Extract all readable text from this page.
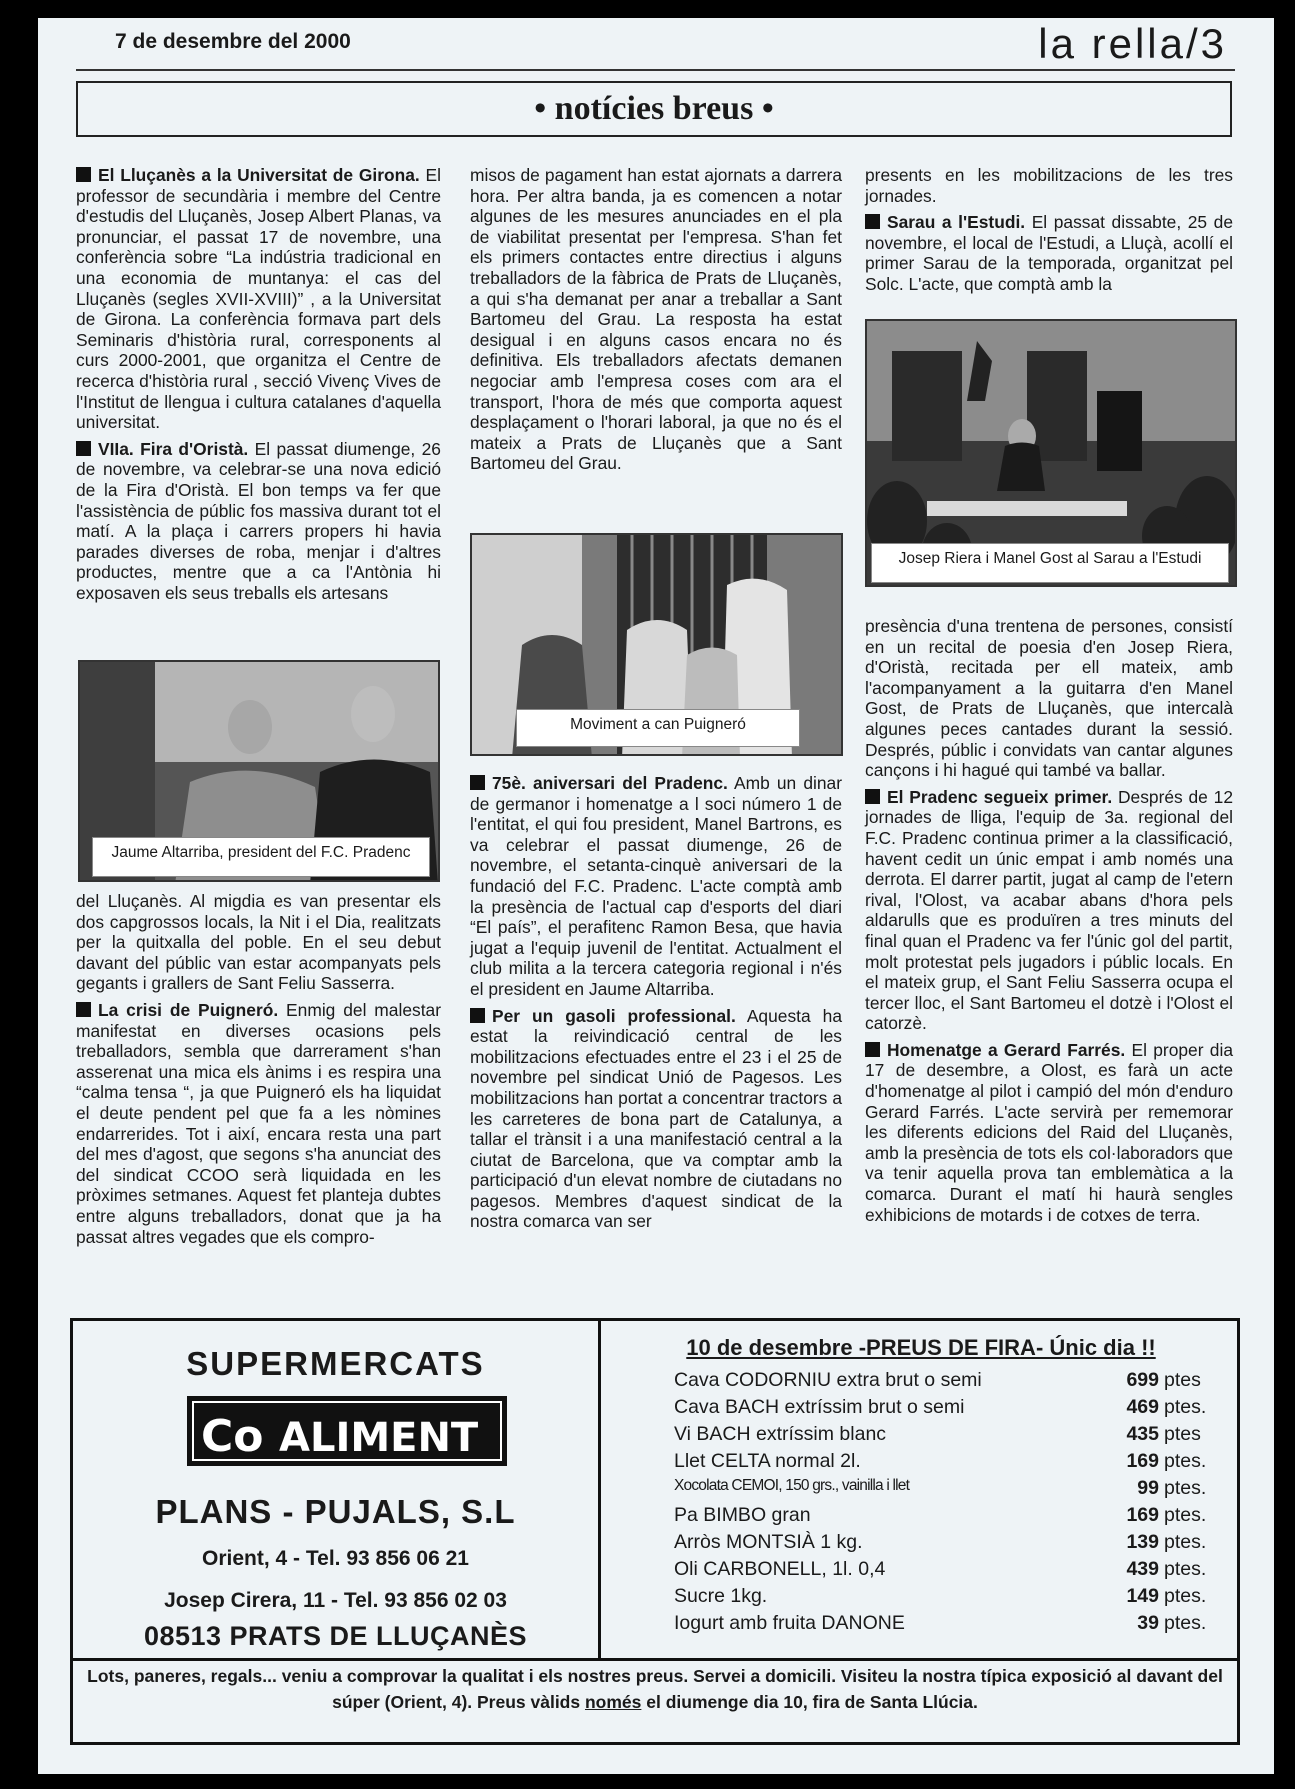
7 de desembre del 2000	la rella/3
• notícies breus •

El Lluçanès a la Universitat de Girona. El professor de secundària i membre del Centre d'estudis del Lluçanès, Josep Albert Planas, va pronunciar, el passat 17 de novembre, una conferència sobre “La indústria tradicional en una economia de muntanya: el cas del Lluçanès (segles XVII-XVIII)” , a la Universitat de Girona. La conferència formava part dels Seminaris d'història rural, corresponents al curs 2000-2001, que organitza el Centre de recerca d'història rural , secció Vivenç Vives de l'Institut de llengua i cultura catalanes d'aquella universitat.

VIIa. Fira d'Oristà. El passat diumenge, 26 de novembre, va celebrar-se una nova edició de la Fira d'Oristà. El bon temps va fer que l'assistència de públic fos massiva durant tot el matí. A la plaça i carrers propers hi havia parades diverses de roba, menjar i d'altres productes, mentre que a ca l'Antònia hi exposaven els seus treballs els artesans

Jaume Altarriba, president del F.C. Pradenc

del Lluçanès. Al migdia es van presentar els dos capgrossos locals, la Nit i el Dia, realitzats per la quitxalla del poble. En el seu debut davant del públic van estar acompanyats pels gegants i grallers de Sant Feliu Sasserra.

La crisi de Puigneró. Enmig del malestar manifestat en diverses ocasions pels treballadors, sembla que darrerament s'han asserenat una mica els ànims i es respira una “calma tensa “, ja que Puigneró els ha liquidat el deute pendent pel que fa a les nòmines endarrerides. Tot i així, encara resta una part del mes d'agost, que segons s'ha anunciat des del sindicat CCOO serà liquidada en les pròximes setmanes. Aquest fet planteja dubtes entre alguns treballadors, donat que ja ha passat altres vegades que els compro-

misos de pagament han estat ajornats a darrera hora. Per altra banda, ja es comencen a notar algunes de les mesures anunciades en el pla de viabilitat presentat per l'empresa. S'han fet els primers contactes entre directius i alguns treballadors de la fàbrica de Prats de Lluçanès, a qui s'ha demanat per anar a treballar a Sant Bartomeu del Grau. La resposta ha estat desigual i en alguns casos encara no és definitiva. Els treballadors afectats demanen negociar amb l'empresa coses com ara el transport, l'hora de més que comporta aquest desplaçament o l'horari laboral, ja que no és el mateix a Prats de Lluçanès que a Sant Bartomeu del Grau.

Moviment a can Puigneró

75è. aniversari del Pradenc. Amb un dinar de germanor i homenatge a l soci número 1 de l'entitat, el qui fou president, Manel Bartrons, es va celebrar el passat diumenge, 26 de novembre, el setanta-cinquè aniversari de la fundació del F.C. Pradenc. L'acte comptà amb la presència de l'actual cap d'esports del diari “El país”, el perafitenc Ramon Besa, que havia jugat a l'equip juvenil de l'entitat. Actualment el club milita a la tercera categoria regional i n'és el president en Jaume Altarriba.

Per un gasoli professional. Aquesta ha estat la reivindicació central de les mobilitzacions efectuades entre el 23 i el 25 de novembre pel sindicat Unió de Pagesos. Les mobilitzacions han portat a concentrar tractors a les carreteres de bona part de Catalunya, a tallar el trànsit i a una manifestació central a la ciutat de Barcelona, que va comptar amb la participació d'un elevat nombre de ciutadans no pagesos. Membres d'aquest sindicat de la nostra comarca van ser

presents en les mobilitzacions de les tres jornades.

Sarau a l'Estudi. El passat dissabte, 25 de novembre, el local de l'Estudi, a Lluçà, acollí el primer Sarau de la temporada, organitzat pel Solc. L'acte, que comptà amb la

Josep Riera i Manel Gost al Sarau a l'Estudi

presència d'una trentena de persones, consistí en un recital de poesia d'en Josep Riera, d'Oristà, recitada per ell mateix, amb l'acompanyament a la guitarra d'en Manel Gost, de Prats de Lluçanès, que intercalà algunes peces cantades durant la sessió. Després, públic i convidats van cantar algunes cançons i hi hagué qui també va ballar.

El Pradenc segueix primer. Després de 12 jornades de lliga, l'equip de 3a. regional del F.C. Pradenc continua primer a la classificació, havent cedit un únic empat i amb només una derrota. El darrer partit, jugat al camp de l'etern rival, l'Olost, va acabar abans d'hora pels aldarulls que es produïren a tres minuts del final quan el Pradenc va fer l'únic gol del partit, molt protestat pels jugadors i públic locals. En el mateix grup, el Sant Feliu Sasserra ocupa el tercer lloc, el Sant Bartomeu el dotzè i l'Olost el catorzè.

Homenatge a Gerard Farrés. El proper dia 17 de desembre, a Olost, es farà un acte d'homenatge al pilot i campió del món d'enduro Gerard Farrés. L'acte servirà per rememorar les diferents edicions del Raid del Lluçanès, amb la presència de tots els col·laboradors que va tenir aquella prova tan emblemàtica a la comarca. Durant el matí hi haurà sengles exhibicions de motards i de cotxes de terra.

SUPERMERCATS
Co ALIMENT
PLANS - PUJALS, S.L
Orient, 4 - Tel. 93 856 06 21
Josep Cirera, 11 - Tel. 93 856 02 03
08513 PRATS DE LLUÇANÈS
10 de desembre -PREUS DE FIRA- Únic dia !!
Cava CODORNIU extra brut o semi	699 ptes
Cava BACH extríssim brut o semi	469 ptes.
Vi BACH extríssim blanc	435 ptes
Llet CELTA normal 2l.	169 ptes.
Xocolata CEMOI, 150 grs., vainilla i llet	99 ptes.
Pa BIMBO gran	169 ptes.
Arròs MONTSIÀ 1 kg.	139 ptes.
Oli CARBONELL, 1l. 0,4	439 ptes.
Sucre 1kg.	149 ptes.
Iogurt amb fruita DANONE	39 ptes.
Lots, paneres, regals... veniu a comprovar la qualitat i els nostres preus. Servei a domicili. Visiteu la nostra típica exposició al davant del súper (Orient, 4). Preus vàlids només el diumenge dia 10, fira de Santa Llúcia.
